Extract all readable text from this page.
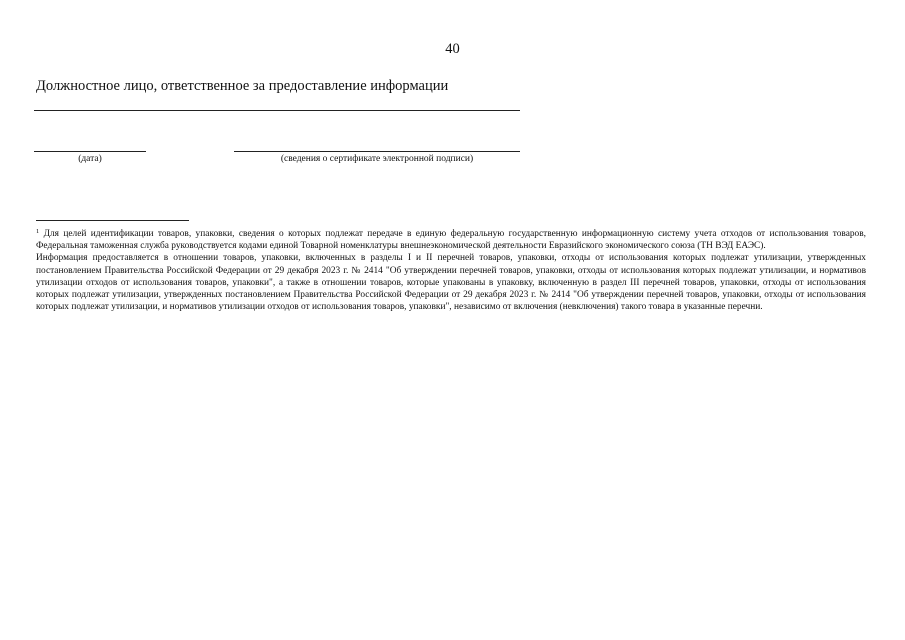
40
Должностное лицо, ответственное за предоставление информации
(дата)	(сведения о сертификате электронной подписи)

$^1$ Для целей идентификации товаров, упаковки, сведения о которых подлежат передаче в единую федеральную государственную информационную систему учета отходов от использования товаров, Федеральная таможенная служба руководствуется кодами единой Товарной номенклатуры внешнеэкономической деятельности Евразийского экономического союза (ТН ВЭД ЕАЭС).

Информация предоставляется в отношении товаров, упаковки, включенных в разделы I и II перечней товаров, упаковки, отходы от использования которых подлежат утилизации, утвержденных постановлением Правительства Российской Федерации от 29 декабря 2023 г. № 2414 "Об утверждении перечней товаров, упаковки, отходы от использования которых подлежат утилизации, и нормативов утилизации отходов от использования товаров, упаковки", а также в отношении товаров, которые упакованы в упаковку, включенную в раздел III перечней товаров, упаковки, отходы от использования которых подлежат утилизации, утвержденных постановлением Правительства Российской Федерации от 29 декабря 2023 г. № 2414 "Об утверждении перечней товаров, упаковки, отходы от использования которых подлежат утилизации, и нормативов утилизации отходов от использования товаров, упаковки", независимо от включения (невключения) такого товара в указанные перечни.
